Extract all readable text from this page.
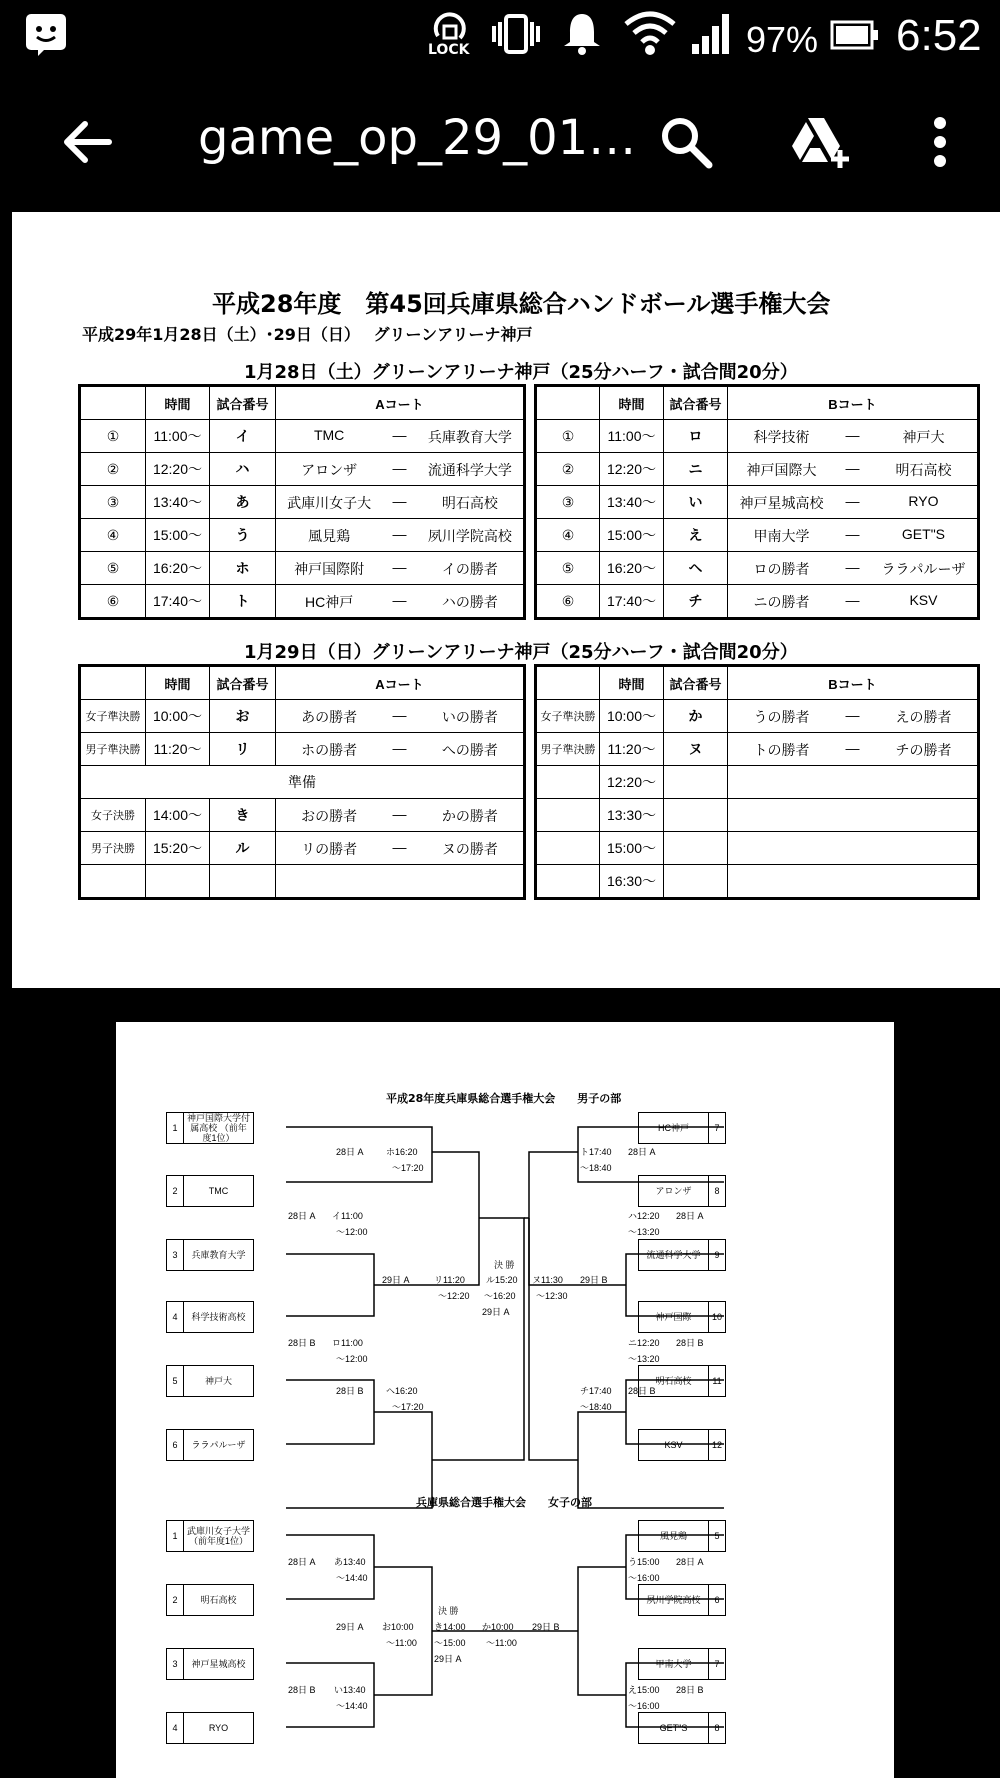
LOCK	97% 6:52
game_op_29_01…
平成28年度　第45回兵庫県総合ハンドボール選手権大会
平成29年1月28日（土）･29日（日）　 グリーンアリーナ神戸
1月28日（土）グリーンアリーナ神戸（25分ハーフ・試合間20分）
	時間	試合番号	Aコート
①	11:00～	イ	TMC — 兵庫教育大学

②	12:20～	ハ	アロンザ — 流通科学大学

③	13:40～	あ	武庫川女子大 — 明石高校

④	15:00～	う	風見鶏 — 夙川学院高校

⑤	16:20～	ホ	神戸国際附 — イの勝者

⑥	17:40～	ト	HC神戸 — ハの勝者
	時間	試合番号	Bコート
①	11:00～	ロ	科学技術 — 神戸大

②	12:20～	ニ	神戸国際大 — 明石高校

③	13:40～	い	神戸星城高校 — RYO

④	15:00～	え	甲南大学 — GET"S

⑤	16:20～	ヘ	ロの勝者 — ララパルーザ

⑥	17:40～	チ	ニの勝者 — KSV
1月29日（日）グリーンアリーナ神戸（25分ハーフ・試合間20分）
	時間	試合番号	Aコート
女子準決勝	10:00～	お	あの勝者 — いの勝者

男子準決勝	11:20～	リ	ホの勝者 — への勝者

準備			
女子決勝	14:00～	き	おの勝者 — かの勝者

男子決勝	15:20～	ル	リの勝者 — ヌの勝者

	時間	試合番号	Bコート
女子準決勝	10:00～	か	うの勝者 — えの勝者

男子準決勝	11:20～	ヌ	トの勝者 — チの勝者

	12:20～		

	13:30～		

	15:00～		

	16:30～		
平成28年度兵庫県総合選手権大会　　男子の部
兵庫県総合選手権大会　　女子の部
1
神戸国際大学付属高校 （前年度1位）
2	TMC
3	兵庫教育大学
4	科学技術高校
5	神戸大
6	ララパルーザ
HC神戸	7
アロンザ	8
流通科学大学	9
神戸国際	10
明石高校	11
KSV	12
1	武庫川女子大学 （前年度1位）
2	明石高校
3	神戸星城高校
4	RYO
風見鶏	5
夙川学院高校	6
甲南大学	7
GET"S	8
28日 A ホ16:20
～17:20
28日 A イ11:00
～12:00
29日 A	リ11:20
～12:20
28日 B ロ11:00
～12:00
28日 B ヘ16:20
～17:20
決 勝
ル15:20
～16:20
29日 A
ヌ11:30
～12:30
29日 B
ト17:40
～18:40
28日 A
ハ12:20
～13:20
28日 A
ニ12:20
～13:20
28日 B
チ17:40
～18:40
28日 B
28日 A あ13:40
～14:40
29日 A お10:00
～11:00
28日 B い13:40
～14:40
決 勝
き14:00
～15:00
29日 A
か10:00
～11:00
29日 B
う15:00
～16:00
28日 A
え15:00
～16:00
28日 B
